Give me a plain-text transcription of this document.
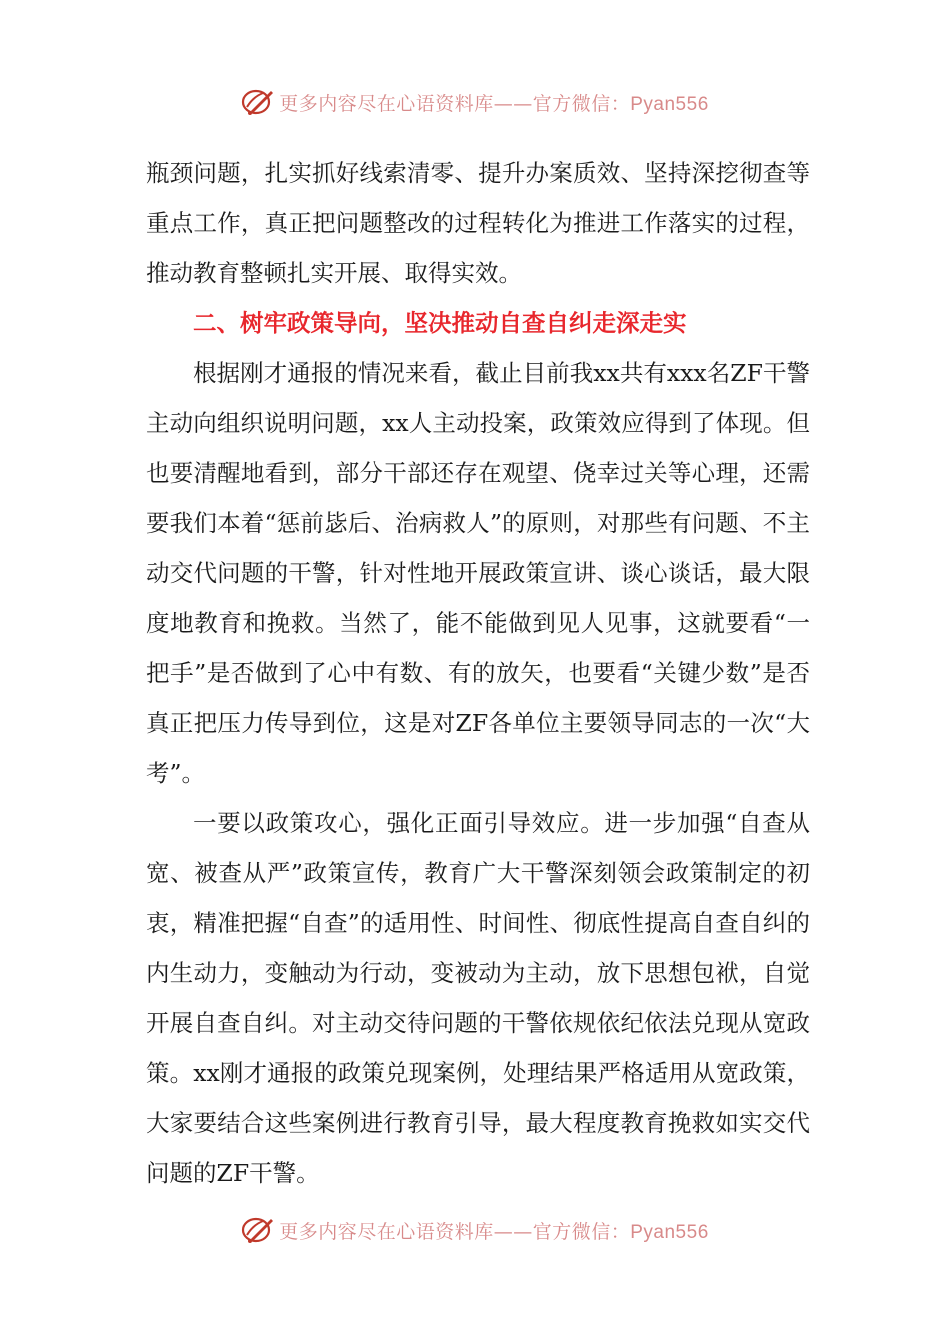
更多内容尽在心语资料库——官方微信：Pyan556

瓶颈问题，扎实抓好线索清零、提升办案质效、坚持深挖彻查等重点工作，真正把问题整改的过程转化为推进工作落实的过程，推动教育整顿扎实开展、取得实效。

二、树牢政策导向，坚决推动自查自纠走深走实

根据刚才通报的情况来看，截止目前我xx共有xxx名ZF干警主动向组织说明问题，xx人主动投案，政策效应得到了体现。但也要清醒地看到，部分干部还存在观望、侥幸过关等心理，还需要我们本着“惩前毖后、治病救人”的原则，对那些有问题、不主动交代问题的干警，针对性地开展政策宣讲、谈心谈话，最大限度地教育和挽救。当然了，能不能做到见人见事，这就要看“一把手”是否做到了心中有数、有的放矢，也要看“关键少数”是否真正把压力传导到位，这是对ZF各单位主要领导同志的一次“大考”。

一要以政策攻心，强化正面引导效应。进一步加强“自查从宽、被查从严”政策宣传，教育广大干警深刻领会政策制定的初衷，精准把握“自查”的适用性、时间性、彻底性提高自查自纠的内生动力，变触动为行动，变被动为主动，放下思想包袱，自觉开展自查自纠。对主动交待问题的干警依规依纪依法兑现从宽政策。xx刚才通报的政策兑现案例，处理结果严格适用从宽政策，大家要结合这些案例进行教育引导，最大程度教育挽救如实交代问题的ZF干警。

更多内容尽在心语资料库——官方微信：Pyan556
